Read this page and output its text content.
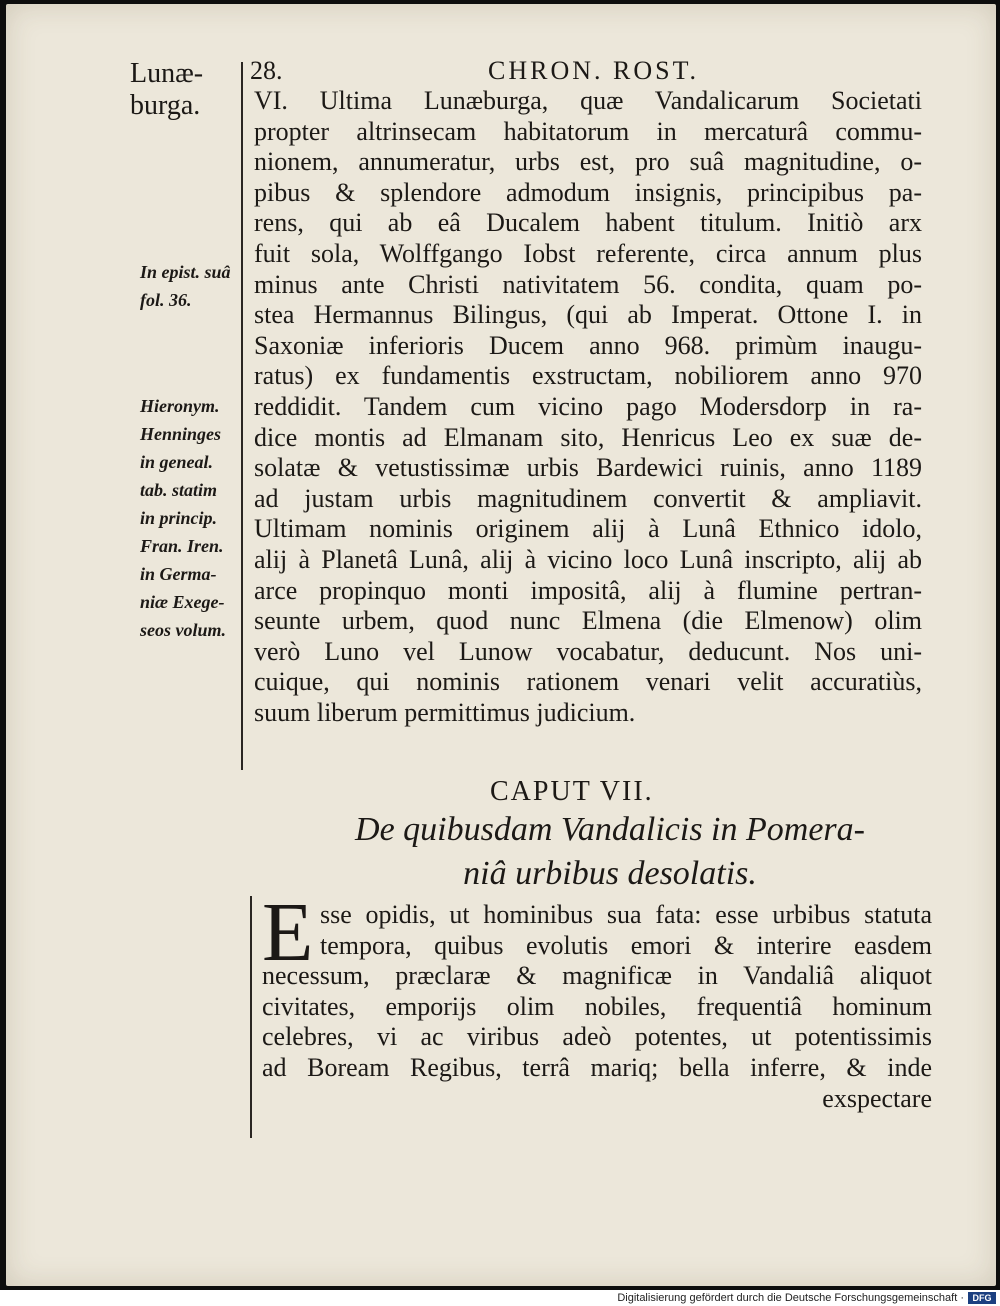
Lunæ-
burga.
In epist. suâ
fol. 36.
Hieronym.
Henninges
in geneal.
tab. statim
in princip.
Fran. Iren.
in Germa-
niæ Exege-
seos volum.
28.	CHRON. ROST.
VI. Ultima Lunæburga, quæ Vandalicarum Societati
propter altrinsecam habitatorum in mercaturâ commu-
nionem, annumeratur, urbs est, pro suâ magnitudine, o-
pibus & splendore admodum insignis, principibus pa-
rens, qui ab eâ Ducalem habent titulum. Initiò arx
fuit sola, Wolffgango Iobst referente, circa annum plus
minus ante Christi nativitatem 56. condita, quam po-
stea Hermannus Bilingus, (qui ab Imperat. Ottone I. in
Saxoniæ inferioris Ducem anno 968. primùm inaugu-
ratus) ex fundamentis exstructam, nobiliorem anno 970
reddidit. Tandem cum vicino pago Modersdorp in ra-
dice montis ad Elmanam sito, Henricus Leo ex suæ de-
solatæ & vetustissimæ urbis Bardewici ruinis, anno 1189
ad justam urbis magnitudinem convertit & ampliavit.
Ultimam nominis originem alij à Lunâ Ethnico idolo,
alij à Planetâ Lunâ, alij à vicino loco Lunâ inscripto, alij ab
arce propinquo monti impositâ, alij à flumine pertran-
seunte urbem, quod nunc Elmena (die Elmenow) olim
verò Luno vel Lunow vocabatur, deducunt. Nos uni-
cuique, qui nominis rationem venari velit accuratiùs,
suum liberum permittimus judicium.
CAPUT VII.
De quibusdam Vandalicis in Pomera-
niâ urbibus desolatis.
E sse opidis, ut hominibus sua fata: esse urbibus statuta
tempora, quibus evolutis emori & interire easdem
necessum, præclaræ & magnificæ in Vandaliâ aliquot
civitates, emporijs olim nobiles, frequentiâ hominum
celebres, vi ac viribus adeò potentes, ut potentissimis
ad Boream Regibus, terrâ mariq; bella inferre, & inde
exspectare
Digitalisierung gefördert durch die Deutsche Forschungsgemeinschaft · DFG
